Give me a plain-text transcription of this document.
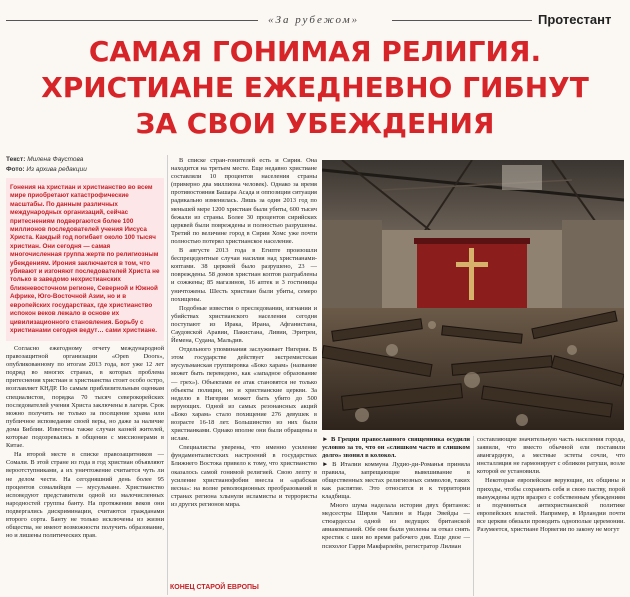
«За рубежом»	Протестант
САМАЯ ГОНИМАЯ РЕЛИГИЯ.
ХРИСТИАНЕ ЕЖЕДНЕВНО ГИБНУТ
ЗА СВОИ УБЕЖДЕНИЯ
Текст: Милена Фаустова
Фото: Из архива редакции
Гонения на христиан и христианство во всем мире приобретают катастрофические масштабы. По данным различных международных организаций, сейчас притеснениям подвергаются более 100 миллионов последователей учения Иисуса Христа. Каждый год погибает около 100 тысяч христиан. Они сегодня — самая многочисленная группа жертв по религиозным убеждениям. Ирония заключается в том, что убивают и изгоняют последователей Христа не только в заведомо нехристианских ближневосточном регионе, Северной и Южной Африке, Юго-Восточной Азии, но и в европейских государствах, где христианство испокон веков лежало в основе их цивилизационного становления. Борьбу с христианами сегодня ведут… сами христиане.

Согласно ежегодному отчету международной правозащитной организации «Open Doors», опубликованному по итогам 2013 года, вот уже 12 лет подряд во многих странах, в которых проблема притеснения христиан и христианства стоит особо остро, возглавляет КНДР. По самым приблизительным оценкам специалистов, порядка 70 тысяч северокорейских последователей учения Христа заключены в лагеря. Срок можно получить не только за посещение храма или публичное исповедание своей веры, но даже за наличие дома Библии. Известны также случаи казней жителей, которые подозревались в общении с миссионерами в Китае.

На второй месте в списке правозащитников — Сомали. В этой стране из года в год христиан объявляют вероотступниками, а их уничтожение считается чуть ли не делом чести. На сегодняшний день более 95 процентов сомалийцев — мусульмане. Христианство исповедуют представители одной из малочисленных народностей группы банту. На протяжении веков они подвергались дискриминации, считаются гражданами второго сорта. Банту не только исключены из жизни общества, не имеют возможности получить образование, но и лишены политических прав.

В списке стран-гонителей есть и Сирия. Она находится на третьем месте. Еще недавно христиане составляли 10 процентов населения страны (примерно два миллиона человек). Однако за время противостояния Башара Асада и оппозиции ситуация радикально изменилась. Лишь за один 2013 год по меньшей мере 1200 христиан были убиты, 600 тысяч бежали из страны. Более 30 процентов сирийских церквей были повреждены и полностью разрушены. Третий по величине город в Сирии Хомс уже почти полностью потерял христианское население.

В августе 2013 года в Египте произошли беспрецедентные случаи насилия над христианами-коптами. 38 церквей было разрушено, 23 — повреждены. 58 домов христиан коптов разграблены и сожжены; 85 магазинов, 16 аптек и 3 гостиницы уничтожены. Шесть христиан были убиты, семеро похищены.

Подобные известия о преследовании, изгнании и убийствах христианского населения сегодня поступают из Ирака, Ирана, Афганистана, Саудовской Аравии, Пакистана, Ливии, Эритреи, Йемена, Судана, Мальдив.

Отдельного упоминания заслуживает Нигерия. В этом государстве действует экстремистская мусульманская группировка «Боко харам» (название может быть переведено, как «западное образование — грех»). Объектами ее атак становятся не только объекты полиции, но и христианские церкви. За неделю в Нигерии может быть убито до 500 верующих. Одной из самых резонансных акций «Боко харам» стало похищение 276 девушек в возрасте 16-18 лет. Большинство из них были христианками. Однако вполне они были обращены в ислам.

Специалисты уверены, что именно усиление фундаменталистских настроений в государствах Ближнего Востока привело к тому, что христианство оказалось самой гонимой религией. Свою лепту в усиление христианофобии внесла и «арабская весна»: на волне революционных преобразований в странах региона хлынули исламисты и террористы из других регионов мира.

КОНЕЦ СТАРОЙ ЕВРОПЫ

► В Греции православного священника осудили условно за то, что он «слишком часто и слишком долго» звонил в колокол.

► В Италии коммуна Лудио-ди-Романья приняла правила, запрещающие вывешивание в общественных местах религиозных символов, таких как распятие. Это относится и к территории кладбища.

Много шума наделала история двух британок: медсестры Ширли Чаплин и Нади Эвейды — стюардессы одной из ведущих британской авиакомпаний. Обе они были уволены за отказ снять крестик с шеи во время рабочего дня. Еще двое — психолог Гарри Макфарлейн, регистратор Лилиан

составляющие значительную часть населения города, заявили, что вместо обычной ели поставили авангардную, а местные эстеты сочли, что инсталляция не гармонирует с обликом ратуши, возле которой ее установили.

Некоторые европейские верующие, их общины и приходы, чтобы сохранить себя и свою паству, порой вынуждены идти вразрез с собственным убеждениям и подчиняться антихристианской политике европейских властей. Например, в Ирландии почти все церкви обязали проводить однополые церемонии. Разумеется, христиане Норвегии по закону не могут
